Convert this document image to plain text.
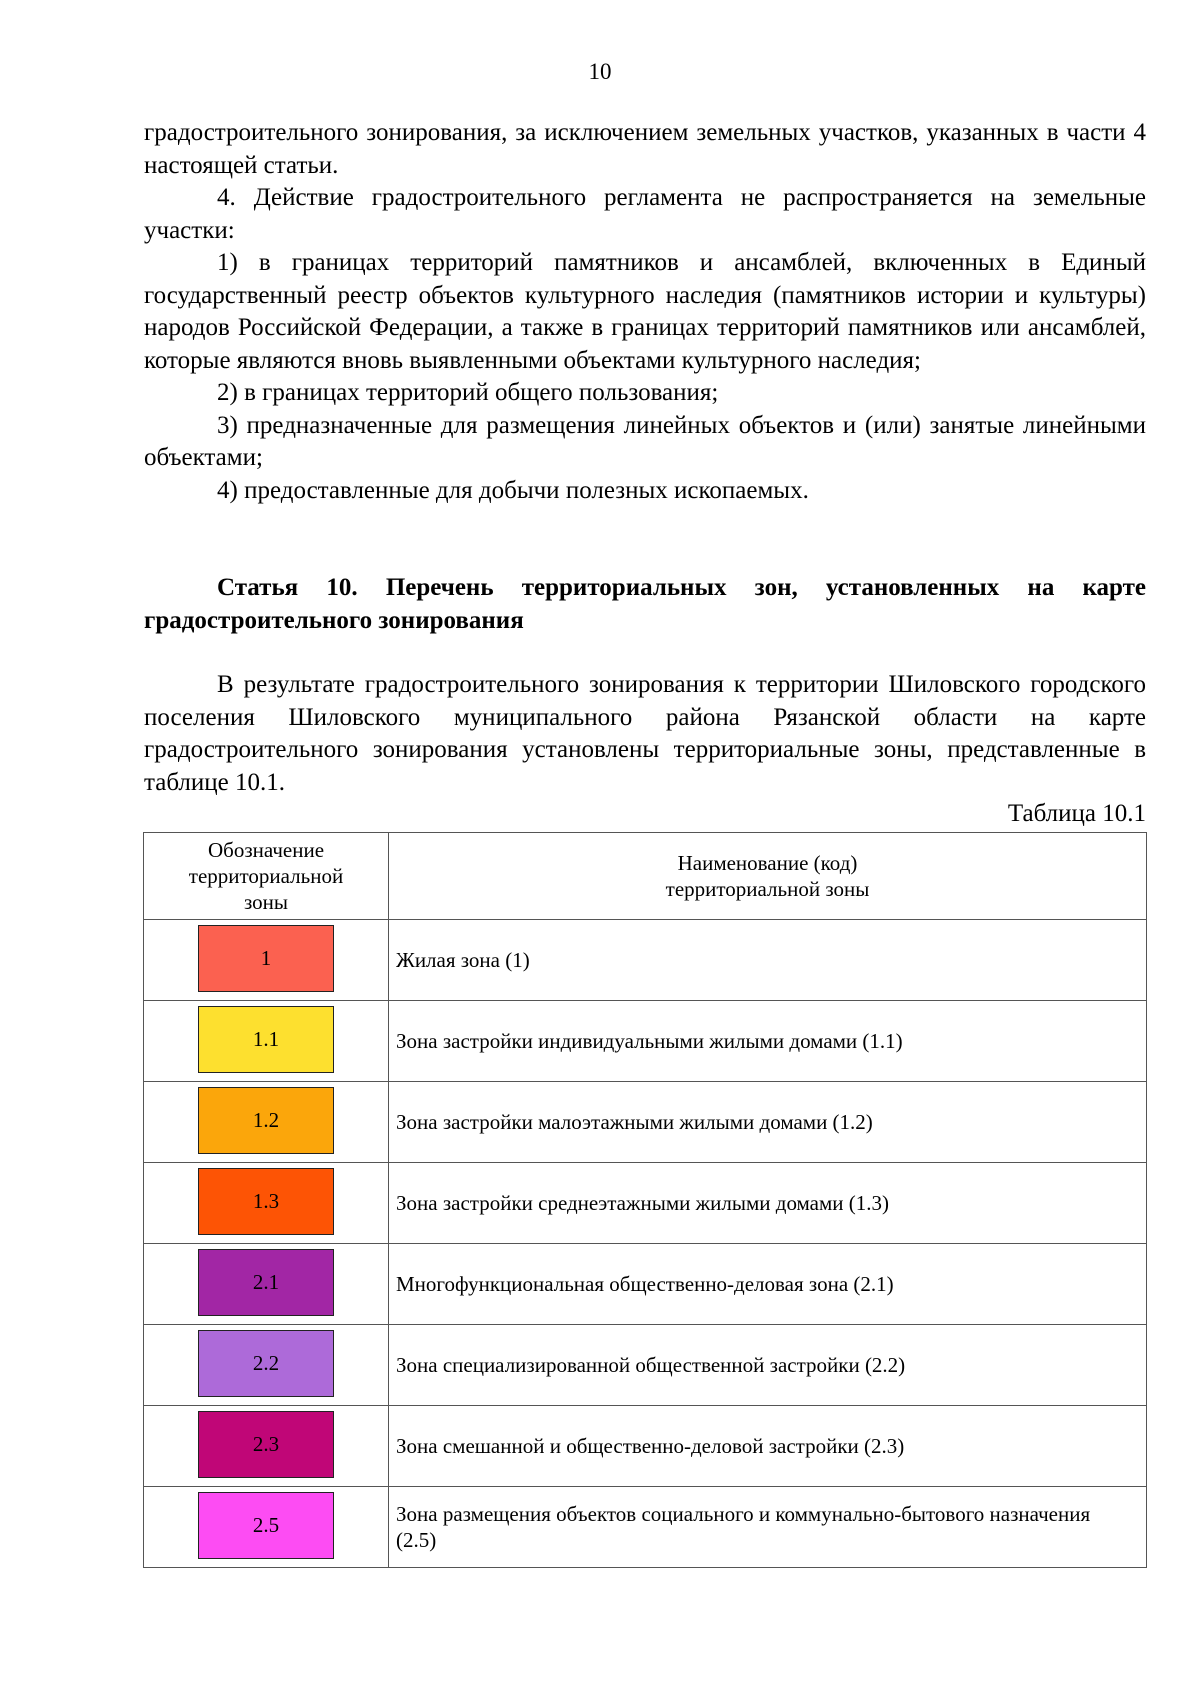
10

градостроительного зонирования, за исключением земельных участков, указанных в части 4 настоящей статьи.

4. Действие градостроительного регламента не распространяется на земельные участки:

1) в границах территорий памятников и ансамблей, включенных в Единый государственный реестр объектов культурного наследия (памятников истории и культуры) народов Российской Федерации, а также в границах территорий памятников или ансамблей, которые являются вновь выявленными объектами культурного наследия;

2) в границах территорий общего пользования;

3) предназначенные для размещения линейных объектов и (или) занятые линейными объектами;

4) предоставленные для добычи полезных ископаемых.

Статья 10. Перечень территориальных зон, установленных на карте градостроительного зонирования

В результате градостроительного зонирования к территории Шиловского городского поселения Шиловского муниципального района Рязанской области на карте градостроительного зонирования установлены территориальные зоны, представленные в таблице 10.1.

Таблица 10.1
Обозначение территориальной зоны	Наименование (код)
территориальной зоны

1	Жилая зона (1)
1.1	Зона застройки индивидуальными жилыми домами (1.1)
1.2	Зона застройки малоэтажными жилыми домами (1.2)
1.3	Зона застройки среднеэтажными жилыми домами (1.3)
2.1	Многофункциональная общественно-деловая зона (2.1)
2.2	Зона специализированной общественной застройки (2.2)
2.3	Зона смешанной и общественно-деловой застройки (2.3)
2.5	Зона размещения объектов социального и коммунально-бытового назначения (2.5)
